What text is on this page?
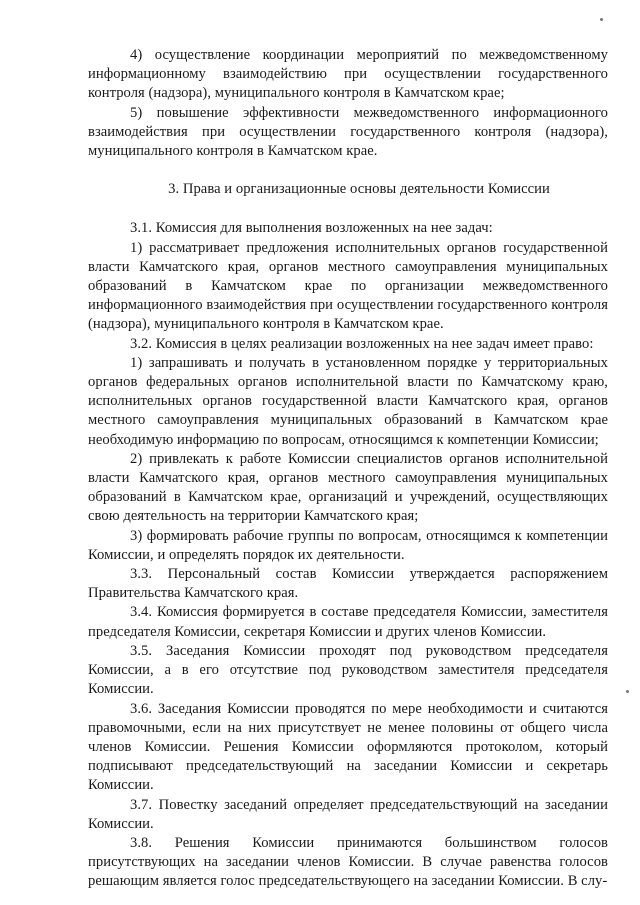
4) осуществление координации мероприятий по межведомственному информационному взаимодействию при осуществлении государственного контроля (надзора), муниципального контроля в Камчатском крае;

5) повышение эффективности межведомственного информационного взаимодействия при осуществлении государственного контроля (надзора), муниципального контроля в Камчатском крае.

3. Права и организационные основы деятельности Комиссии

3.1. Комиссия для выполнения возложенных на нее задач:

1) рассматривает предложения исполнительных органов государственной власти Камчатского края, органов местного самоуправления муниципальных образований в Камчатском крае по организации межведомственного информационного взаимодействия при осуществлении государственного контроля (надзора), муниципального контроля в Камчатском крае.

3.2. Комиссия в целях реализации возложенных на нее задач имеет право:

1) запрашивать и получать в установленном порядке у территориальных органов федеральных органов исполнительной власти по Камчатскому краю, исполнительных органов государственной власти Камчатского края, органов местного самоуправления муниципальных образований в Камчатском крае необходимую информацию по вопросам, относящимся к компетенции Комиссии;

2) привлекать к работе Комиссии специалистов органов исполнительной власти Камчатского края, органов местного самоуправления муниципальных образований в Камчатском крае, организаций и учреждений, осуществляющих свою деятельность на территории Камчатского края;

3) формировать рабочие группы по вопросам, относящимся к компетенции Комиссии, и определять порядок их деятельности.

3.3. Персональный состав Комиссии утверждается распоряжением Правительства Камчатского края.

3.4. Комиссия формируется в составе председателя Комиссии, заместителя председателя Комиссии, секретаря Комиссии и других членов Комиссии.

3.5. Заседания Комиссии проходят под руководством председателя Комиссии, а в его отсутствие под руководством заместителя председателя Комиссии.

3.6. Заседания Комиссии проводятся по мере необходимости и считаются правомочными, если на них присутствует не менее половины от общего числа членов Комиссии. Решения Комиссии оформляются протоколом, который подписывают председательствующий на заседании Комиссии и секретарь Комиссии.

3.7. Повестку заседаний определяет председательствующий на заседании Комиссии.

3.8. Решения Комиссии принимаются большинством голосов присутствующих на заседании членов Комиссии. В случае равенства голосов решающим является голос председательствующего на заседании Комиссии. В слу-
